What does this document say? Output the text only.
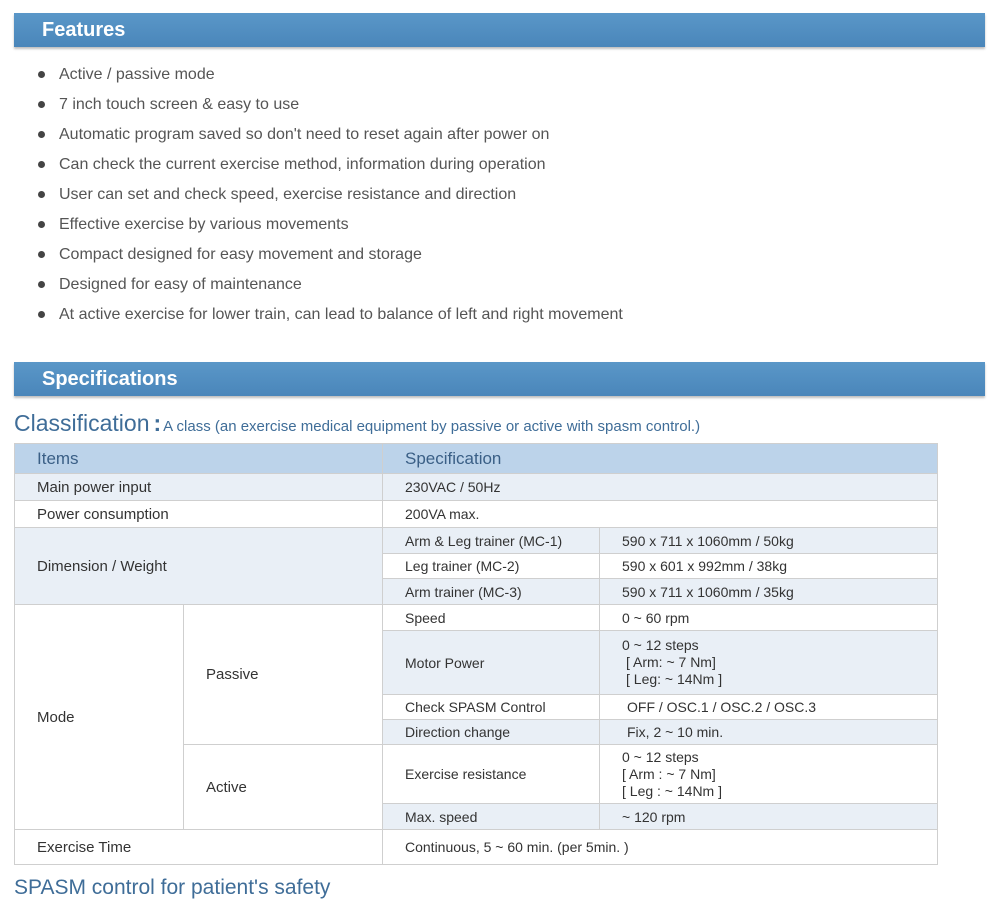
Features
Active / passive mode
7 inch touch screen & easy to use
Automatic program saved so don't need to reset again after power on
Can check the current exercise method, information during operation
User can set and check speed, exercise resistance and direction
Effective exercise by various movements
Compact designed for easy movement and storage
Designed for easy of maintenance
At active exercise for lower train, can lead to balance of left and right movement
Specifications
Classification : A class (an exercise medical equipment by passive or active with spasm control.)
Items		Specification	
Main power input		230VAC / 50Hz	
Power consumption		200VA max.	
Dimension / Weight		Arm & Leg trainer (MC-1)	590 x 711 x 1060mm / 50kg
		Leg trainer (MC-2)	590 x 601 x 992mm / 38kg
		Arm trainer (MC-3)	590 x 711 x 1060mm / 35kg
Mode	Passive	Speed	0 ~ 60 rpm
		Motor Power	0 ~ 12 steps
[ Arm: ~ 7 Nm]
[ Leg: ~ 14Nm ]

		Check SPASM Control	OFF / OSC.1 / OSC.2 / OSC.3
		Direction change	Fix, 2 ~ 10 min.
	Active	Exercise resistance	0 ~ 12 steps
[ Arm : ~ 7 Nm]
[ Leg : ~ 14Nm ]

		Max. speed	~ 120 rpm
Exercise Time		Continuous, 5 ~ 60 min. (per 5min. )	
SPASM control for patient's safety
